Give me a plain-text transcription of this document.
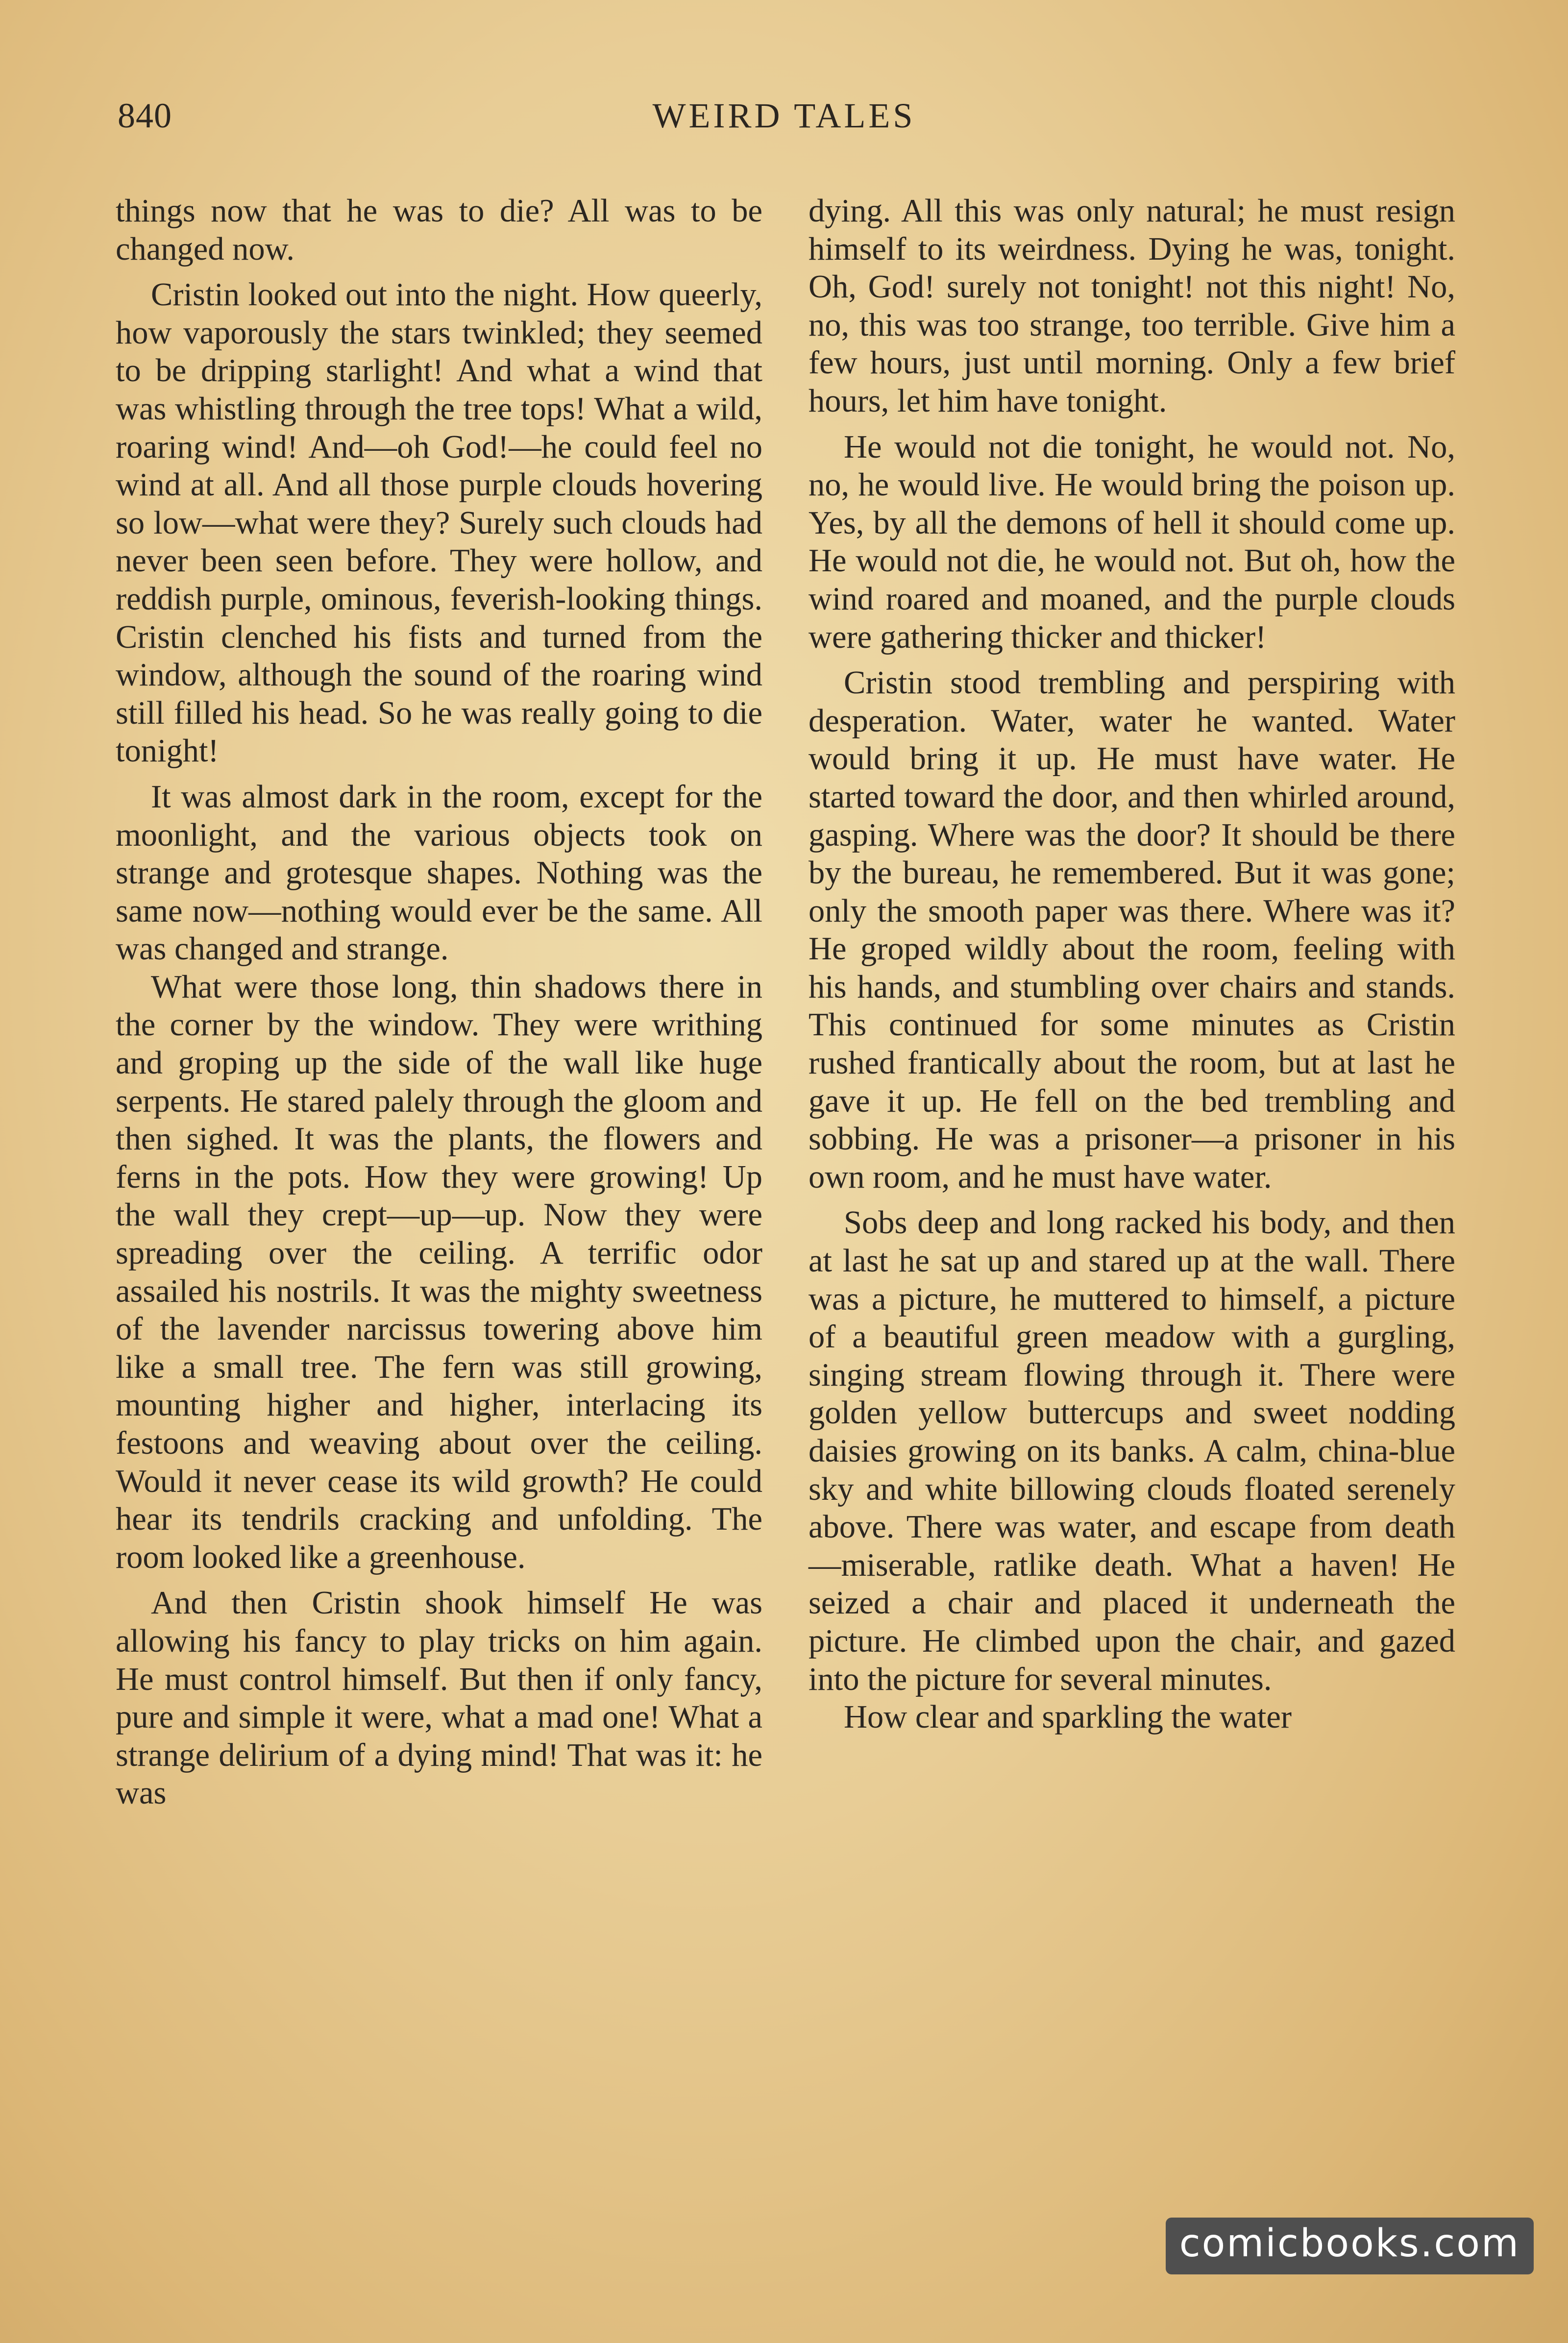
840	WEIRD TALES

things now that he was to die? All was to be changed now.

Cristin looked out into the night. How queerly, how vaporously the stars twinkled; they seemed to be dripping starlight! And what a wind that was whistling through the tree tops! What a wild, roaring wind! And—oh God!—he could feel no wind at all. And all those purple clouds hovering so low—what were they? Surely such clouds had never been seen before. They were hollow, and reddish purple, ominous, feverish-looking things. Cristin clenched his fists and turned from the window, although the sound of the roaring wind still filled his head. So he was really going to die tonight!

It was almost dark in the room, except for the moonlight, and the various objects took on strange and grotesque shapes. Nothing was the same now—nothing would ever be the same. All was changed and strange.

What were those long, thin shadows there in the corner by the window. They were writhing and groping up the side of the wall like huge serpents. He stared palely through the gloom and then sighed. It was the plants, the flowers and ferns in the pots. How they were growing! Up the wall they crept—up—up. Now they were spreading over the ceiling. A terrific odor assailed his nostrils. It was the mighty sweetness of the lavender narcissus towering above him like a small tree. The fern was still growing, mounting higher and higher, interlacing its festoons and weaving about over the ceiling. Would it never cease its wild growth? He could hear its tendrils cracking and unfolding. The room looked like a greenhouse.

And then Cristin shook himself He was allowing his fancy to play tricks on him again. He must control himself. But then if only fancy, pure and simple it were, what a mad one! What a strange delirium of a dying mind! That was it: he was

dying. All this was only natural; he must resign himself to its weirdness. Dying he was, tonight. Oh, God! surely not tonight! not this night! No, no, this was too strange, too terrible. Give him a few hours, just until morning. Only a few brief hours, let him have tonight.

He would not die tonight, he would not. No, no, he would live. He would bring the poison up. Yes, by all the demons of hell it should come up. He would not die, he would not. But oh, how the wind roared and moaned, and the purple clouds were gathering thicker and thicker!

Cristin stood trembling and perspiring with desperation. Water, water he wanted. Water would bring it up. He must have water. He started toward the door, and then whirled around, gasping. Where was the door? It should be there by the bureau, he remembered. But it was gone; only the smooth paper was there. Where was it? He groped wildly about the room, feeling with his hands, and stumbling over chairs and stands. This continued for some minutes as Cristin rushed frantically about the room, but at last he gave it up. He fell on the bed trembling and sobbing. He was a prisoner—a prisoner in his own room, and he must have water.

Sobs deep and long racked his body, and then at last he sat up and stared up at the wall. There was a picture, he muttered to himself, a picture of a beautiful green meadow with a gurgling, singing stream flowing through it. There were golden yellow buttercups and sweet nodding daisies growing on its banks. A calm, china-blue sky and white billowing clouds floated serenely above. There was water, and escape from death—miserable, ratlike death. What a haven! He seized a chair and placed it underneath the picture. He climbed upon the chair, and gazed into the picture for several minutes.

How clear and sparkling the water

comicbooks.com
